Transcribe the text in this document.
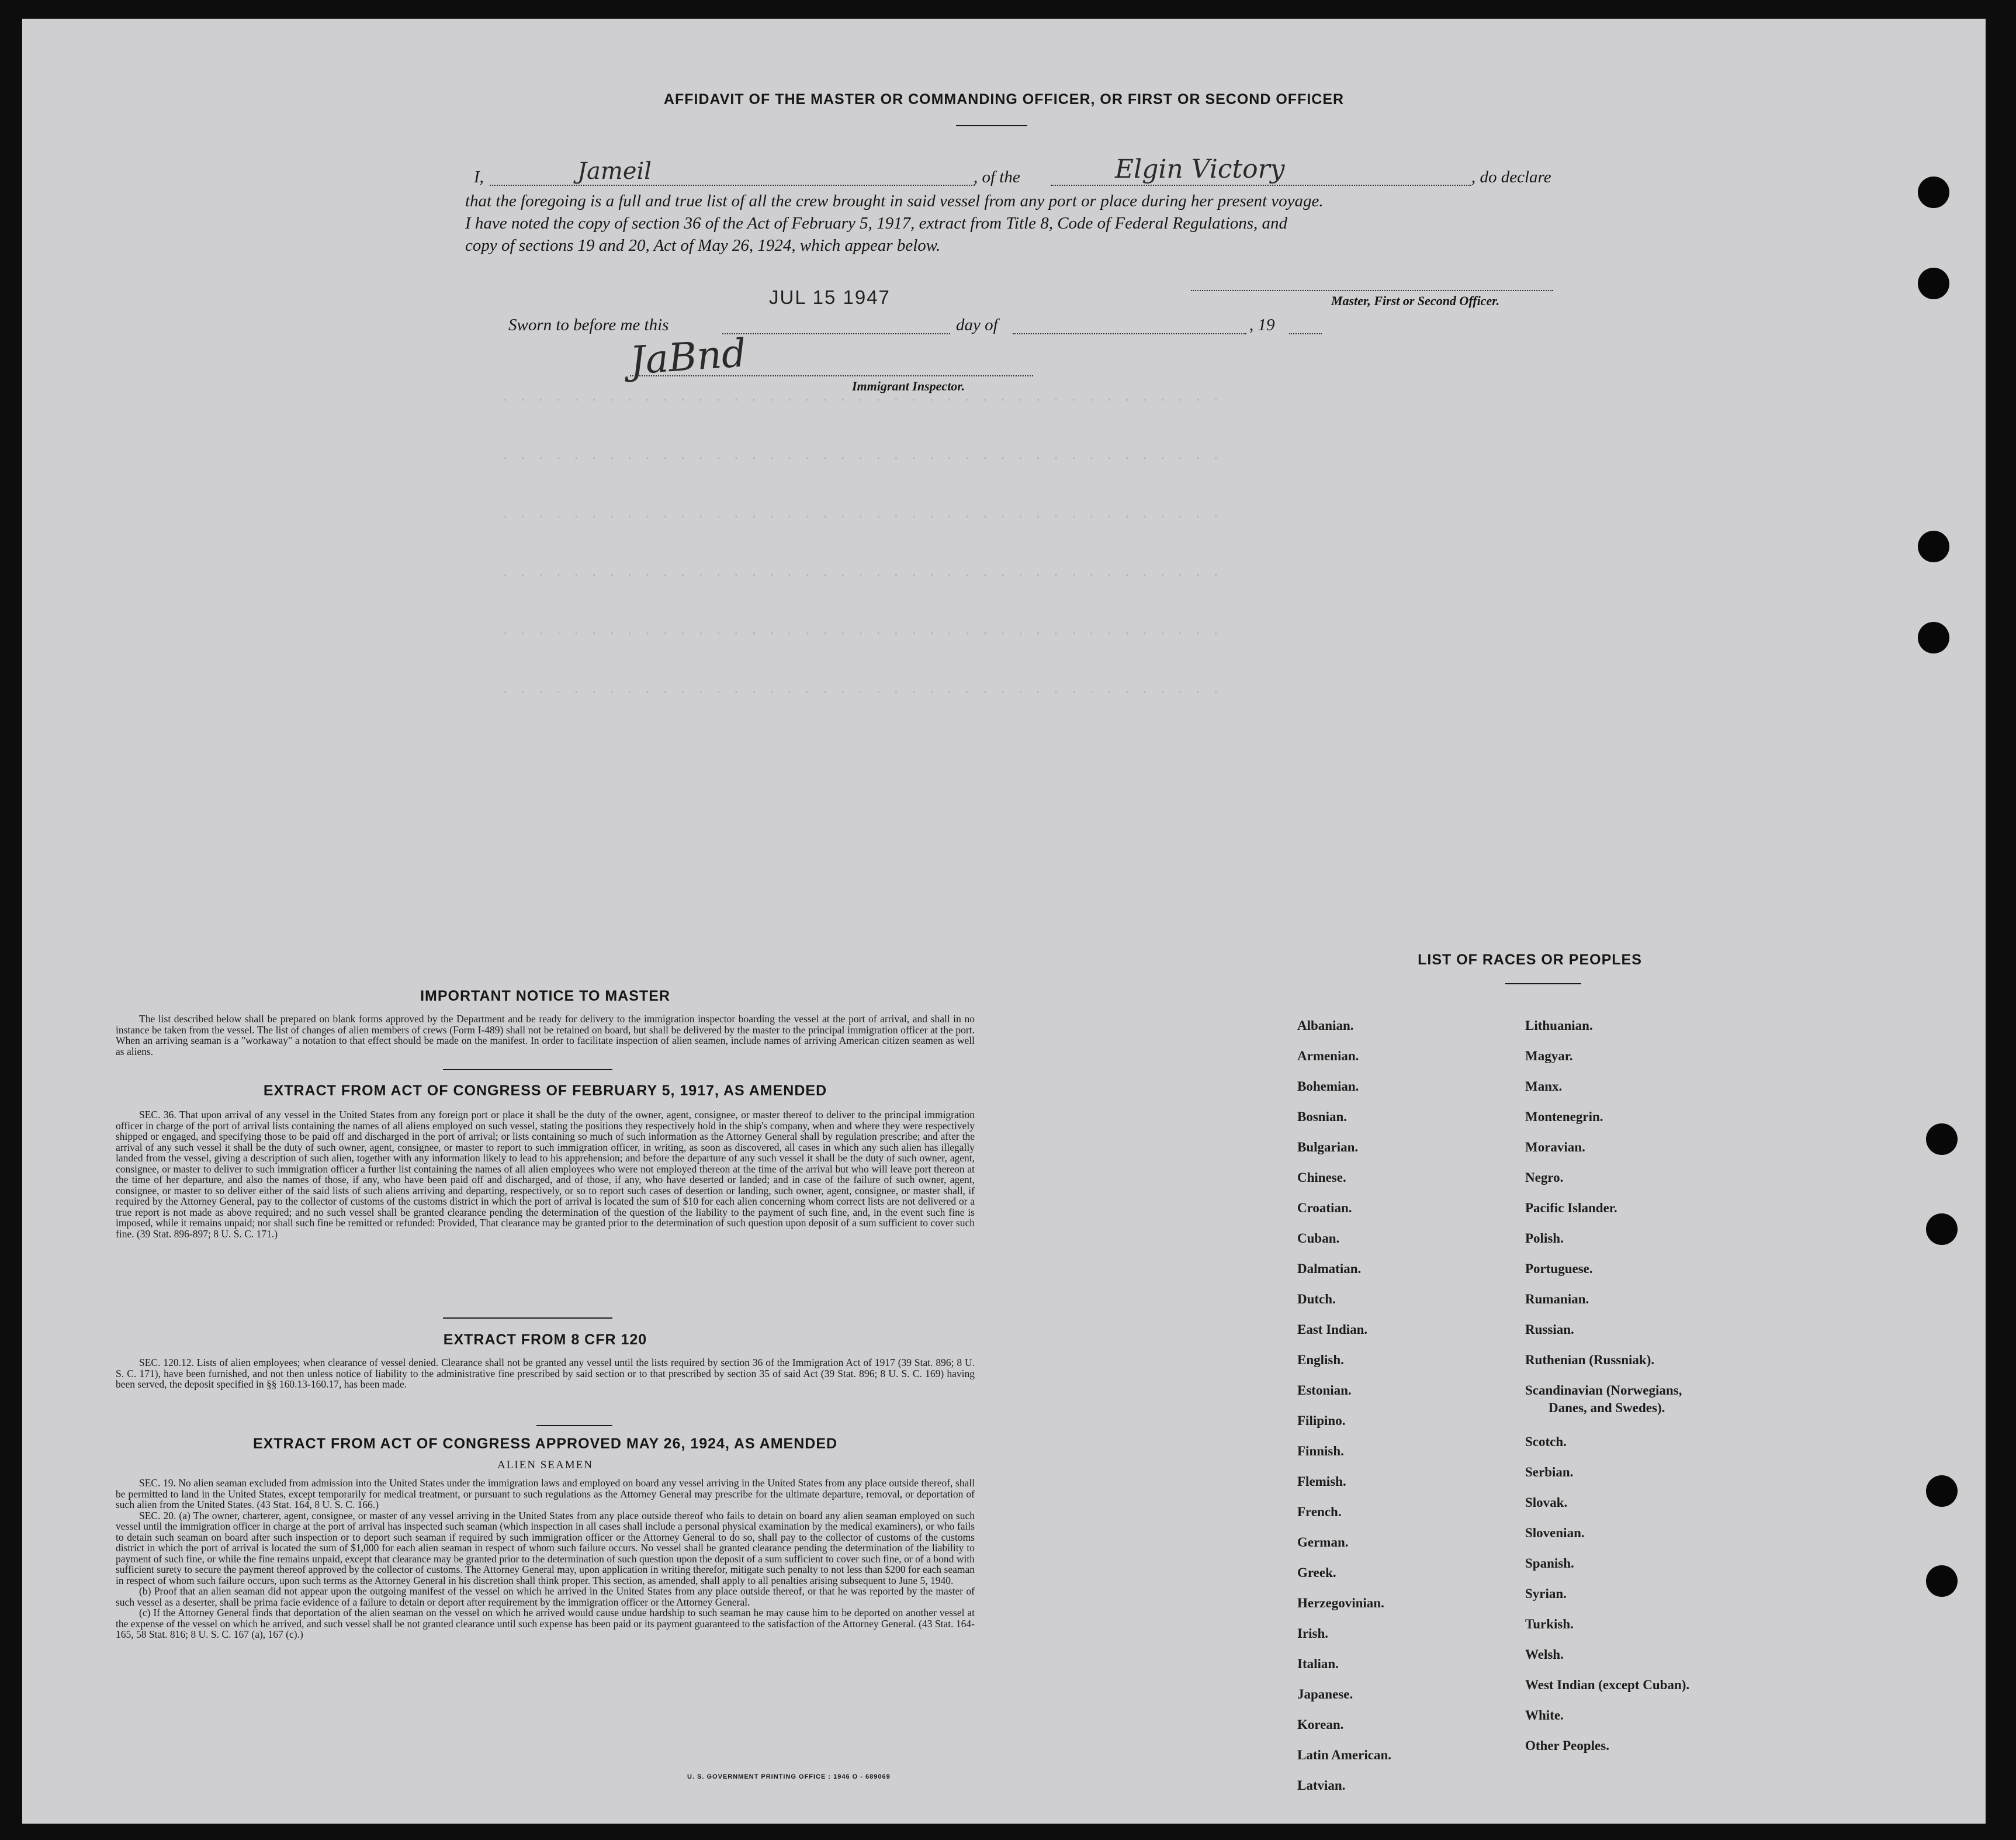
· · · · · · · · · · · · · · · · · · · · · · · · · · · · · · · · · · · · · · · · ·
· · · · · · · · · · · · · · · · · · · · · · · · · · · · · · · · · · · · · · · · ·
· · · · · · · · · · · · · · · · · · · · · · · · · · · · · · · · · · · · · · · · ·
· · · · · · · · · · · · · · · · · · · · · · · · · · · · · · · · · · · · · · · · ·
· · · · · · · · · · · · · · · · · · · · · · · · · · · · · · · · · · · · · · · · ·
· · · · · · · · · · · · · · · · · · · · · · · · · · · · · · · · · · · · · · · · ·
AFFIDAVIT OF THE MASTER OR COMMANDING OFFICER, OR FIRST OR SECOND OFFICER
I,	Jameil	, of the	Elgin Victory	, do declare
that the foregoing is a full and true list of all the crew brought in said vessel from any port or place during her present voyage.
I have noted the copy of section 36 of the Act of February 5, 1917, extract from Title 8, Code of Federal Regulations, and
copy of sections 19 and 20, Act of May 26, 1924, which appear below.
JUL 15 1947	Master, First or Second Officer.
Sworn to before me this	day of	, 19
JaBnd
Immigrant Inspector.
IMPORTANT NOTICE TO MASTER

The list described below shall be prepared on blank forms approved by the Department and be ready for delivery to the immigration inspector boarding the vessel at the port of arrival, and shall in no instance be taken from the vessel. The list of changes of alien members of crews (Form I-489) shall not be retained on board, but shall be delivered by the master to the principal immigration officer at the port. When an arriving seaman is a "workaway" a notation to that effect should be made on the manifest. In order to facilitate inspection of alien seamen, include names of arriving American citizen seamen as well as aliens.

EXTRACT FROM ACT OF CONGRESS OF FEBRUARY 5, 1917, AS AMENDED

SEC. 36. That upon arrival of any vessel in the United States from any foreign port or place it shall be the duty of the owner, agent, consignee, or master thereof to deliver to the principal immigration officer in charge of the port of arrival lists containing the names of all aliens employed on such vessel, stating the positions they respectively hold in the ship's company, when and where they were respectively shipped or engaged, and specifying those to be paid off and discharged in the port of arrival; or lists containing so much of such information as the Attorney General shall by regulation prescribe; and after the arrival of any such vessel it shall be the duty of such owner, agent, consignee, or master to report to such immigration officer, in writing, as soon as discovered, all cases in which any such alien has illegally landed from the vessel, giving a description of such alien, together with any information likely to lead to his apprehension; and before the departure of any such vessel it shall be the duty of such owner, agent, consignee, or master to deliver to such immigration officer a further list containing the names of all alien employees who were not employed thereon at the time of the arrival but who will leave port thereon at the time of her departure, and also the names of those, if any, who have been paid off and discharged, and of those, if any, who have deserted or landed; and in case of the failure of such owner, agent, consignee, or master to so deliver either of the said lists of such aliens arriving and departing, respectively, or so to report such cases of desertion or landing, such owner, agent, consignee, or master shall, if required by the Attorney General, pay to the collector of customs of the customs district in which the port of arrival is located the sum of $10 for each alien concerning whom correct lists are not delivered or a true report is not made as above required; and no such vessel shall be granted clearance pending the determination of the question of the liability to the payment of such fine, and, in the event such fine is imposed, while it remains unpaid; nor shall such fine be remitted or refunded: Provided, That clearance may be granted prior to the determination of such question upon deposit of a sum sufficient to cover such fine. (39 Stat. 896-897; 8 U. S. C. 171.)

EXTRACT FROM 8 CFR 120

SEC. 120.12. Lists of alien employees; when clearance of vessel denied. Clearance shall not be granted any vessel until the lists required by section 36 of the Immigration Act of 1917 (39 Stat. 896; 8 U. S. C. 171), have been furnished, and not then unless notice of liability to the administrative fine prescribed by said section or to that prescribed by section 35 of said Act (39 Stat. 896; 8 U. S. C. 169) having been served, the deposit specified in §§ 160.13-160.17, has been made.

EXTRACT FROM ACT OF CONGRESS APPROVED MAY 26, 1924, AS AMENDED
ALIEN SEAMEN

SEC. 19. No alien seaman excluded from admission into the United States under the immigration laws and employed on board any vessel arriving in the United States from any place outside thereof, shall be permitted to land in the United States, except temporarily for medical treatment, or pursuant to such regulations as the Attorney General may prescribe for the ultimate departure, removal, or deportation of such alien from the United States. (43 Stat. 164, 8 U. S. C. 166.)

SEC. 20. (a) The owner, charterer, agent, consignee, or master of any vessel arriving in the United States from any place outside thereof who fails to detain on board any alien seaman employed on such vessel until the immigration officer in charge at the port of arrival has inspected such seaman (which inspection in all cases shall include a personal physical examination by the medical examiners), or who fails to detain such seaman on board after such inspection or to deport such seaman if required by such immigration officer or the Attorney General to do so, shall pay to the collector of customs of the customs district in which the port of arrival is located the sum of $1,000 for each alien seaman in respect of whom such failure occurs. No vessel shall be granted clearance pending the determination of the liability to payment of such fine, or while the fine remains unpaid, except that clearance may be granted prior to the determination of such question upon the deposit of a sum sufficient to cover such fine, or of a bond with sufficient surety to secure the payment thereof approved by the collector of customs. The Attorney General may, upon application in writing therefor, mitigate such penalty to not less than $200 for each seaman in respect of whom such failure occurs, upon such terms as the Attorney General in his discretion shall think proper. This section, as amended, shall apply to all penalties arising subsequent to June 5, 1940.

(b) Proof that an alien seaman did not appear upon the outgoing manifest of the vessel on which he arrived in the United States from any place outside thereof, or that he was reported by the master of such vessel as a deserter, shall be prima facie evidence of a failure to detain or deport after requirement by the immigration officer or the Attorney General.

(c) If the Attorney General finds that deportation of the alien seaman on the vessel on which he arrived would cause undue hardship to such seaman he may cause him to be deported on another vessel at the expense of the vessel on which he arrived, and such vessel shall be not granted clearance until such expense has been paid or its payment guaranteed to the satisfaction of the Attorney General. (43 Stat. 164-165, 58 Stat. 816; 8 U. S. C. 167 (a), 167 (c).)

U. S. GOVERNMENT PRINTING OFFICE : 1946 O - 689069
LIST OF RACES OR PEOPLES
Albanian.
Armenian.
Bohemian.
Bosnian.
Bulgarian.
Chinese.
Croatian.
Cuban.
Dalmatian.
Dutch.
East Indian.
English.
Estonian.
Filipino.
Finnish.
Flemish.
French.
German.
Greek.
Herzegovinian.
Irish.
Italian.
Japanese.
Korean.
Latin American.
Latvian.
Lithuanian.
Magyar.
Manx.
Montenegrin.
Moravian.
Negro.
Pacific Islander.
Polish.
Portuguese.
Rumanian.
Russian.
Ruthenian (Russniak).
Scandinavian (Norwegians,
Danes, and Swedes).
Scotch.
Serbian.
Slovak.
Slovenian.
Spanish.
Syrian.
Turkish.
Welsh.
West Indian (except Cuban).
White.
Other Peoples.
